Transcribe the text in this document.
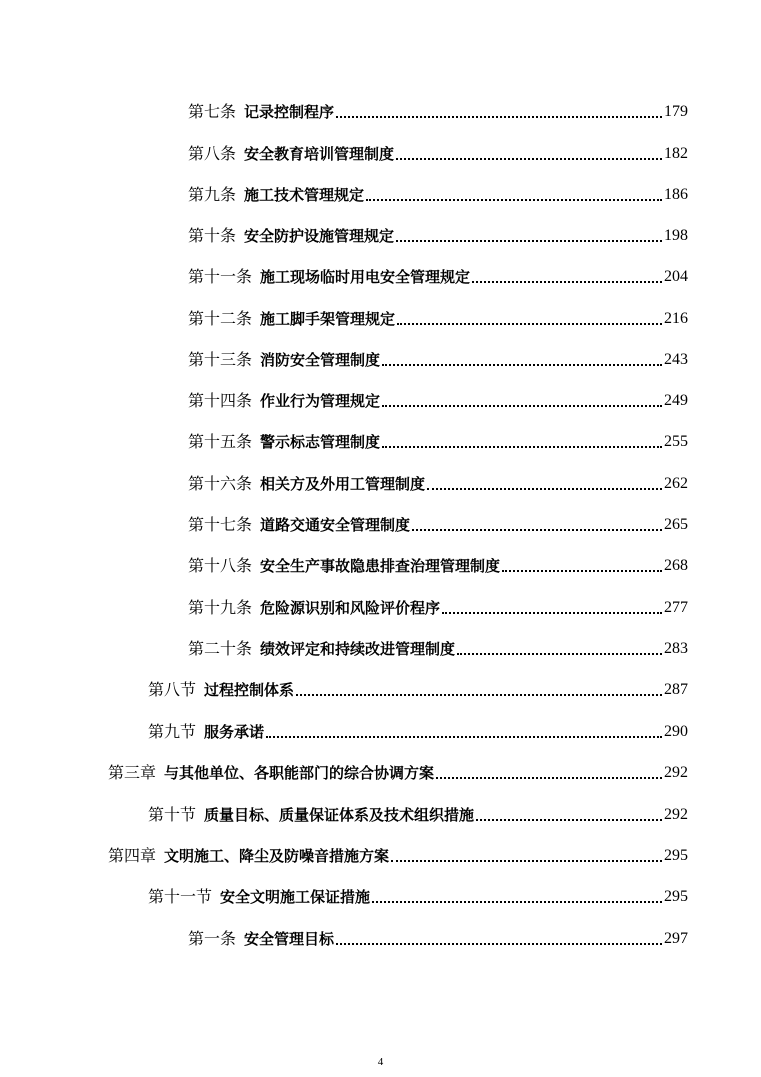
第七条 记录控制程序	179
第八条 安全教育培训管理制度	182
第九条 施工技术管理规定	186
第十条 安全防护设施管理规定	198
第十一条 施工现场临时用电安全管理规定	204
第十二条 施工脚手架管理规定	216
第十三条 消防安全管理制度	243
第十四条 作业行为管理规定	249
第十五条 警示标志管理制度	255
第十六条 相关方及外用工管理制度	262
第十七条 道路交通安全管理制度	265
第十八条 安全生产事故隐患排查治理管理制度	268
第十九条 危险源识别和风险评价程序	277
第二十条 绩效评定和持续改进管理制度	283
第八节 过程控制体系	287
第九节 服务承诺	290
第三章 与其他单位、各职能部门的综合协调方案	292
第十节 质量目标、质量保证体系及技术组织措施	292
第四章 文明施工、降尘及防噪音措施方案	295
第十一节 安全文明施工保证措施	295
第一条 安全管理目标	297
4
